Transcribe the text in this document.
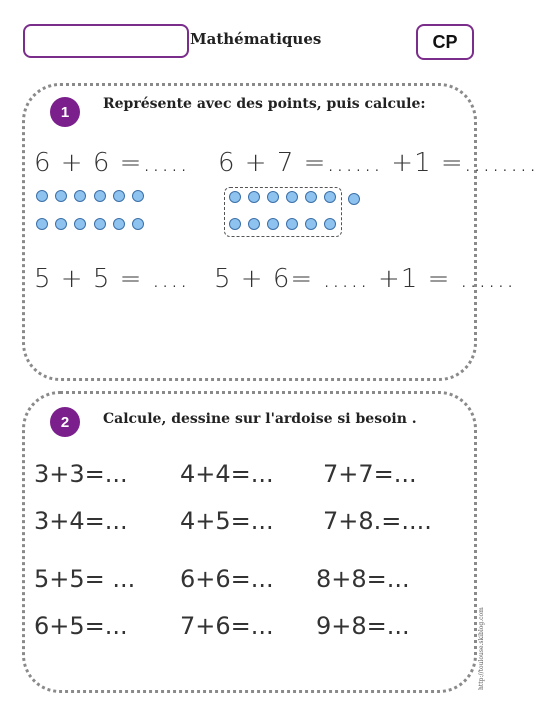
Mathématiques	CP
1	Représente avec des points, puis calcule:
6 + 6 =..... 6 + 7 =...... +1 =........
5 + 5 = .... 5 + 6= ..... +1 = ......
2	Calcule, dessine sur l'ardoise si besoin .
3+3=... 4+4=... 7+7=...
3+4=... 4+5=... 7+8.=....
5+5= ... 6+6=... 8+8=...
6+5=... 7+6=... 9+8=...	http://toulouse.skiblog.com
